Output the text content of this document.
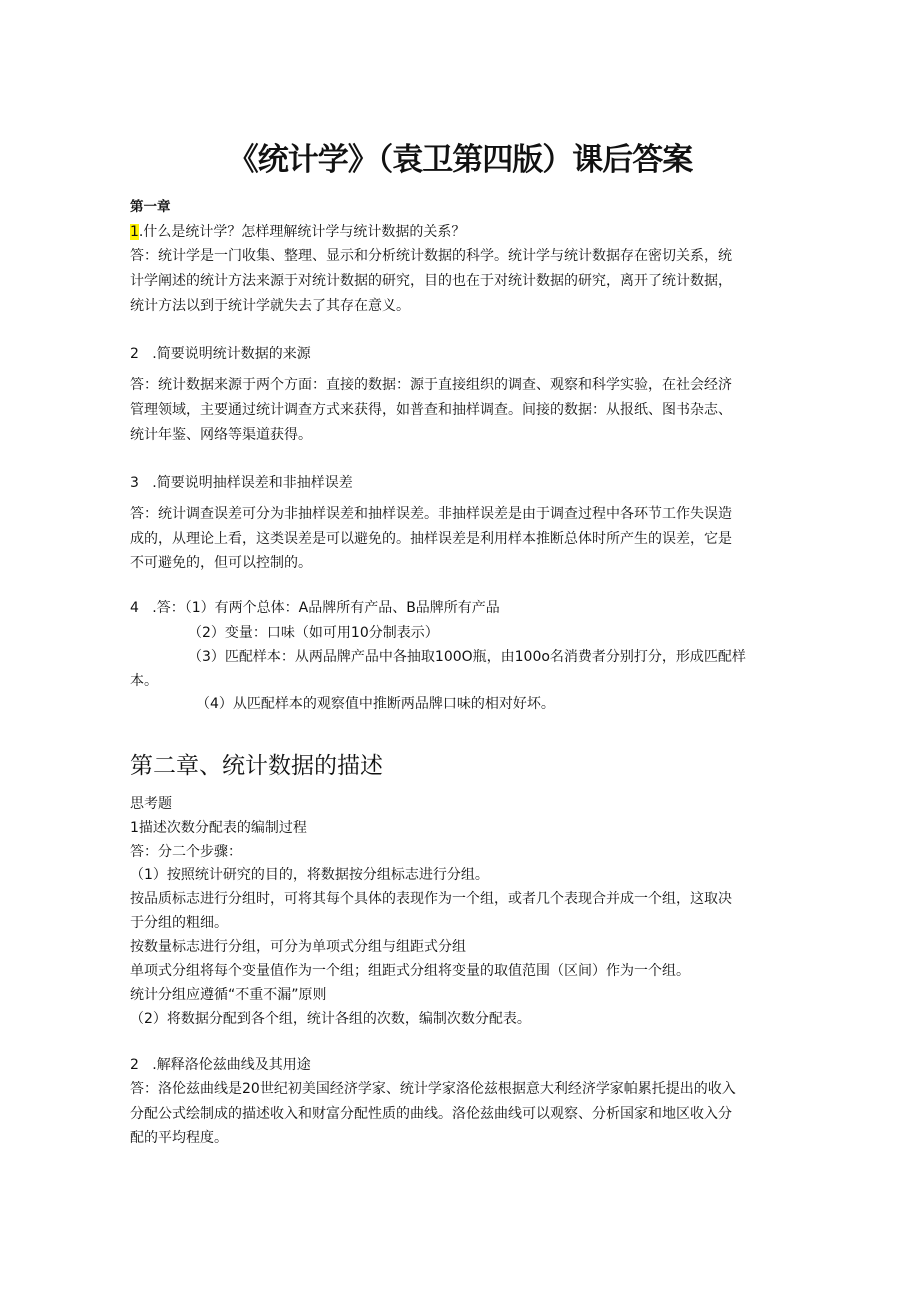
《统计学》（袁卫第四版）课后答案
第一章
1.什么是统计学？怎样理解统计学与统计数据的关系？
答：统计学是一门收集、整理、显示和分析统计数据的科学。统计学与统计数据存在密切关系，统
计学阐述的统计方法来源于对统计数据的研究，目的也在于对统计数据的研究，离开了统计数据，
统计方法以到于统计学就失去了其存在意义。
2   .简要说明统计数据的来源
答：统计数据来源于两个方面：直接的数据：源于直接组织的调查、观察和科学实验，在社会经济
管理领域，主要通过统计调查方式来获得，如普查和抽样调查。间接的数据：从报纸、图书杂志、
统计年鉴、网络等渠道获得。
3   .简要说明抽样误差和非抽样误差
答：统计调查误差可分为非抽样误差和抽样误差。非抽样误差是由于调查过程中各环节工作失误造
成的，从理论上看，这类误差是可以避免的。抽样误差是利用样本推断总体时所产生的误差，它是
不可避免的，但可以控制的。
4   .答：（1）有两个总体：A品牌所有产品、B品牌所有产品
（2）变量：口味（如可用10分制表示）
（3）匹配样本：从两品牌产品中各抽取100O瓶，由100o名消费者分别打分，形成匹配样
本。
（4）从匹配样本的观察值中推断两品牌口味的相对好坏。
第二章、统计数据的描述
思考题
1描述次数分配表的编制过程
答：分二个步骤：
（1）按照统计研究的目的，将数据按分组标志进行分组。
按品质标志进行分组时，可将其每个具体的表现作为一个组，或者几个表现合并成一个组，这取决
于分组的粗细。
按数量标志进行分组，可分为单项式分组与组距式分组
单项式分组将每个变量值作为一个组；组距式分组将变量的取值范围（区间）作为一个组。
统计分组应遵循“不重不漏”原则
（2）将数据分配到各个组，统计各组的次数，编制次数分配表。
2   .解释洛伦兹曲线及其用途
答：洛伦兹曲线是20世纪初美国经济学家、统计学家洛伦兹根据意大利经济学家帕累托提出的收入
分配公式绘制成的描述收入和财富分配性质的曲线。洛伦兹曲线可以观察、分析国家和地区收入分
配的平均程度。
